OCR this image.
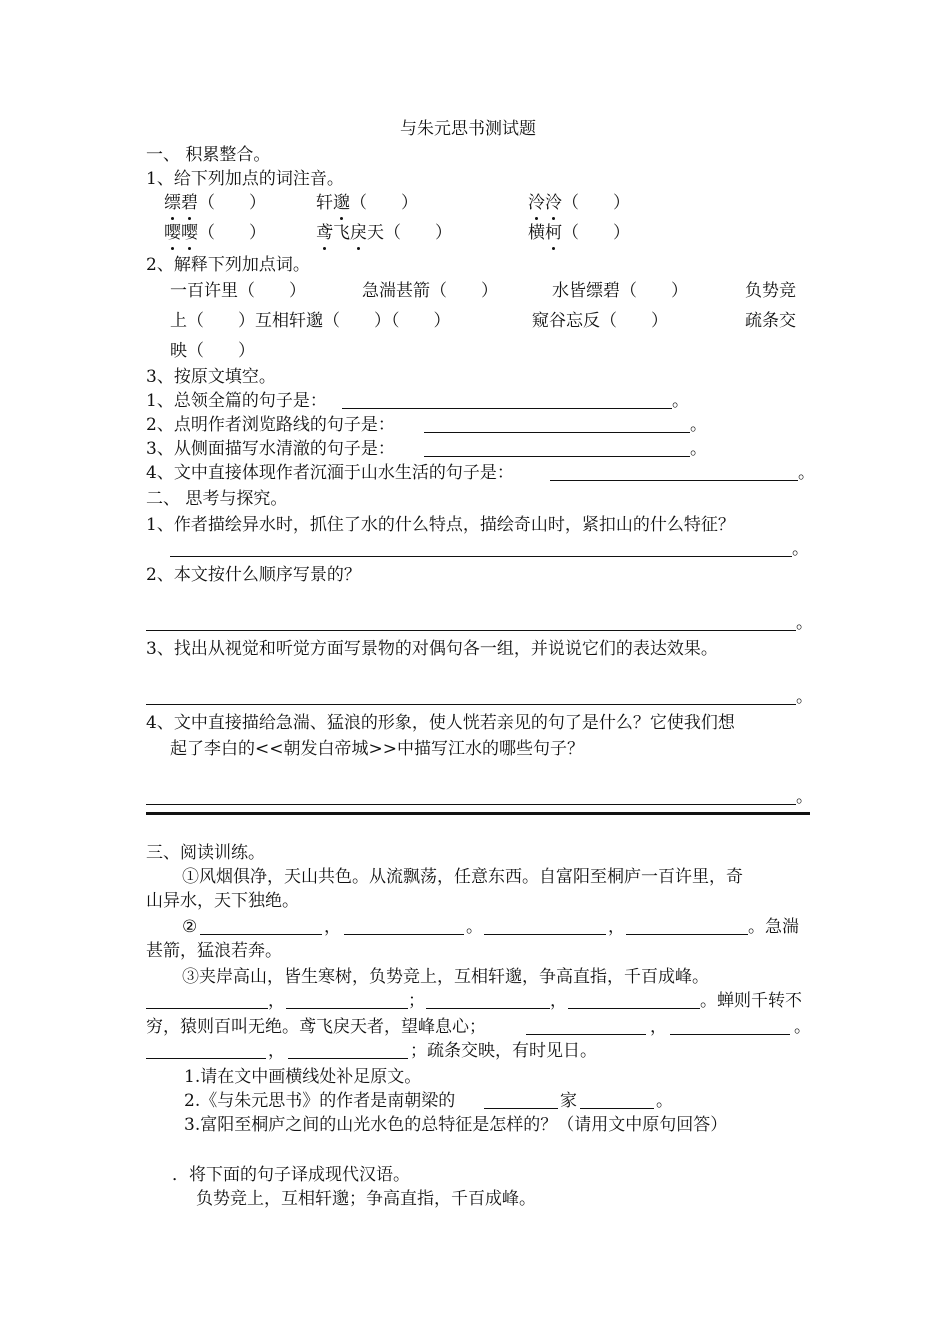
与朱元思书测试题
一、 积累整合。
1、给下列加点的词注音。
缥碧（　　）	轩邈（　　）	泠泠（　　）
嘤嘤（　　）	鸢飞戾天（　　）	横柯（　　）
2、解释下列加点词。
一百许里（　　）	急湍甚箭（　　）	水皆缥碧（　　）	负势竞
上（　　）互相轩邈（　　）（　　）	窥谷忘反（　　）	疏条交
映（　　）
3、按原文填空。
1、总领全篇的句子是：	。
2、点明作者浏览路线的句子是：	。
3、从侧面描写水清澈的句子是：	。
4、文中直接体现作者沉湎于山水生活的句子是：	。
二、 思考与探究。
1、作者描绘异水时，抓住了水的什么特点，描绘奇山时，紧扣山的什么特征？
。
2、本文按什么顺序写景的？
。
3、找出从视觉和听觉方面写景物的对偶句各一组，并说说它们的表达效果。
。
4、文中直接描给急湍、猛浪的形象，使人恍若亲见的句了是什么？它使我们想
起了李白的<<朝发白帝城>>中描写江水的哪些句子？
。
三、阅读训练。
①风烟俱净，天山共色。从流飘荡，任意东西。自富阳至桐庐一百许里，奇
山异水，天下独绝。
②	，	。	，	。急湍
甚箭，猛浪若奔。
③夹岸高山，皆生寒树，负势竞上，互相轩邈，争高直指，千百成峰。
，	；	，	。蝉则千转不
穷，猿则百叫无绝。鸢飞戾天者，望峰息心；	，	。
，	；疏条交映，有时见日。
1.请在文中画横线处补足原文。
2.《与朱元思书》的作者是南朝梁的	家	。
3.富阳至桐庐之间的山光水色的总特征是怎样的？（请用文中原句回答）
．将下面的句子译成现代汉语。
负势竞上，互相轩邈；争高直指，千百成峰。
